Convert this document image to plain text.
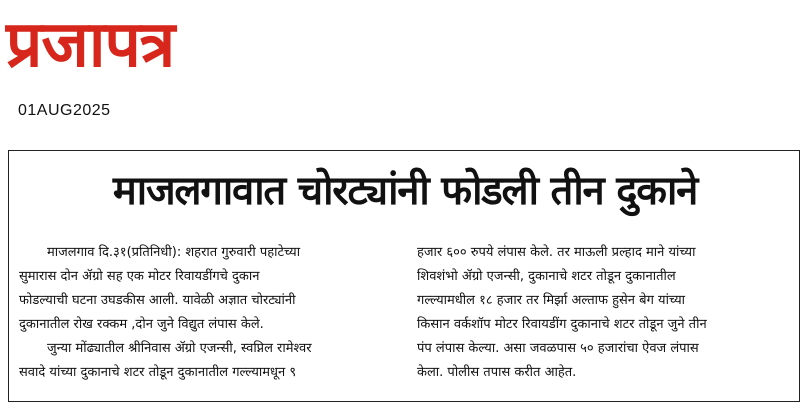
प्रजापत्र
01AUG2025
माजलगावात चोरट्यांनी फोडली तीन दुकाने
माजलगाव दि.३१(प्रतिनिधी): शहरात गुरुवारी पहाटेच्या
सुमारास दोन ॲग्रो सह एक मोटर रिवायडींगचे दुकान
फोडल्याची घटना उघडकीस आली. यावेळी अज्ञात चोरट्यांनी
दुकानातील रोख रक्कम ,दोन जुने विद्युत लंपास केले.
जुन्या मोंढ्यातील श्रीनिवास ॲग्रो एजन्सी, स्वप्निल रामेश्वर
सवादे यांच्या दुकानाचे शटर तोडून दुकानातील गल्ल्यामधून ९
हजार ६०० रुपये लंपास केले. तर माऊली प्रल्हाद माने यांच्या
शिवशंभो ॲग्रो एजन्सी, दुकानाचे शटर तोडून दुकानातील
गल्ल्यामधील १८ हजार तर मिर्झा अल्ताफ हुसेन बेग यांच्या
किसान वर्कशॉप मोटर रिवायडींग दुकानाचे शटर तोडून जुने तीन
पंप लंपास केल्या. असा जवळपास ५० हजारांचा ऐवज लंपास
केला. पोलीस तपास करीत आहेत.
